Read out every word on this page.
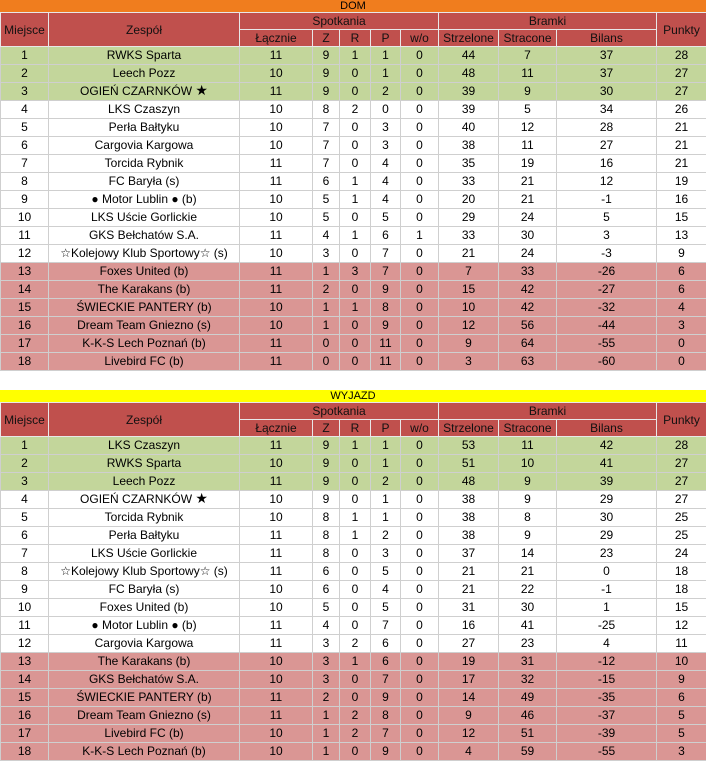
DOM
Miejsce	Zespół	Spotkania					Bramki			Punkty
		Łącznie	Z	R	P	w/o	Strzelone	Stracone	Bilans	
1	RWKS Sparta	11	9	1	1	0	44	7	37	28
2	Leech Pozz	10	9	0	1	0	48	11	37	27
3	OGIEŃ CZARNKÓW ★	11	9	0	2	0	39	9	30	27
4	LKS Czaszyn	10	8	2	0	0	39	5	34	26
5	Perła Bałtyku	10	7	0	3	0	40	12	28	21
6	Cargovia Kargowa	10	7	0	3	0	38	11	27	21
7	Torcida Rybnik	11	7	0	4	0	35	19	16	21
8	FC Baryła (s)	11	6	1	4	0	33	21	12	19
9	● Motor Lublin ● (b)	10	5	1	4	0	20	21	-1	16
10	LKS Uście Gorlickie	10	5	0	5	0	29	24	5	15
11	GKS Bełchatów S.A.	11	4	1	6	1	33	30	3	13
12	☆Kolejowy Klub Sportowy☆ (s)	10	3	0	7	0	21	24	-3	9
13	Foxes United (b)	11	1	3	7	0	7	33	-26	6
14	The Karakans (b)	11	2	0	9	0	15	42	-27	6
15	ŚWIECKIE PANTERY (b)	10	1	1	8	0	10	42	-32	4
16	Dream Team Gniezno (s)	10	1	0	9	0	12	56	-44	3
17	K-K-S Lech Poznań (b)	11	0	0	11	0	9	64	-55	0
18	Livebird FC (b)	11	0	0	11	0	3	63	-60	0
WYJAZD
Miejsce	Zespół	Spotkania					Bramki			Punkty
		Łącznie	Z	R	P	w/o	Strzelone	Stracone	Bilans	
1	LKS Czaszyn	11	9	1	1	0	53	11	42	28
2	RWKS Sparta	10	9	0	1	0	51	10	41	27
3	Leech Pozz	11	9	0	2	0	48	9	39	27
4	OGIEŃ CZARNKÓW ★	10	9	0	1	0	38	9	29	27
5	Torcida Rybnik	10	8	1	1	0	38	8	30	25
6	Perła Bałtyku	11	8	1	2	0	38	9	29	25
7	LKS Uście Gorlickie	11	8	0	3	0	37	14	23	24
8	☆Kolejowy Klub Sportowy☆ (s)	11	6	0	5	0	21	21	0	18
9	FC Baryła (s)	10	6	0	4	0	21	22	-1	18
10	Foxes United (b)	10	5	0	5	0	31	30	1	15
11	● Motor Lublin ● (b)	11	4	0	7	0	16	41	-25	12
12	Cargovia Kargowa	11	3	2	6	0	27	23	4	11
13	The Karakans (b)	10	3	1	6	0	19	31	-12	10
14	GKS Bełchatów S.A.	10	3	0	7	0	17	32	-15	9
15	ŚWIECKIE PANTERY (b)	11	2	0	9	0	14	49	-35	6
16	Dream Team Gniezno (s)	11	1	2	8	0	9	46	-37	5
17	Livebird FC (b)	10	1	2	7	0	12	51	-39	5
18	K-K-S Lech Poznań (b)	10	1	0	9	0	4	59	-55	3
